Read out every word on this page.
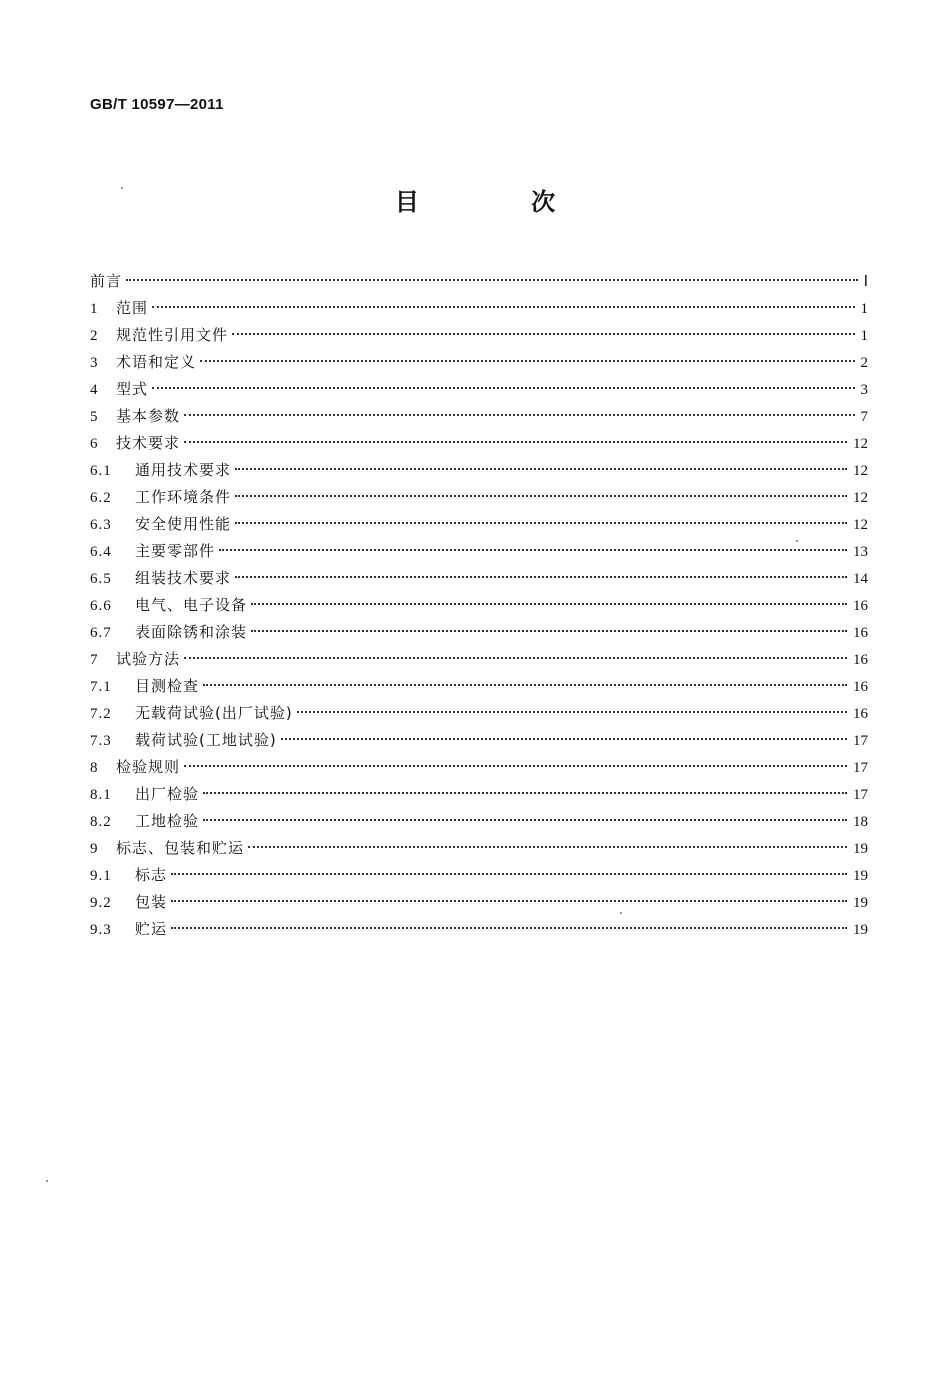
GB/T 10597—2011
目 次
前言	Ⅰ
1	范围	1
2	规范性引用文件	1
3	术语和定义	2
4	型式	3
5	基本参数	7
6	技术要求	12
6.1	通用技术要求	12
6.2	工作环境条件	12
6.3	安全使用性能	12
6.4	主要零部件	13
6.5	组装技术要求	14
6.6	电气、电子设备	16
6.7	表面除锈和涂装	16
7	试验方法	16
7.1	目测检查	16
7.2	无载荷试验(出厂试验)	16
7.3	载荷试验(工地试验)	17
8	检验规则	17
8.1	出厂检验	17
8.2	工地检验	18
9	标志、包装和贮运	19
9.1	标志	19
9.2	包装	19
9.3	贮运	19
